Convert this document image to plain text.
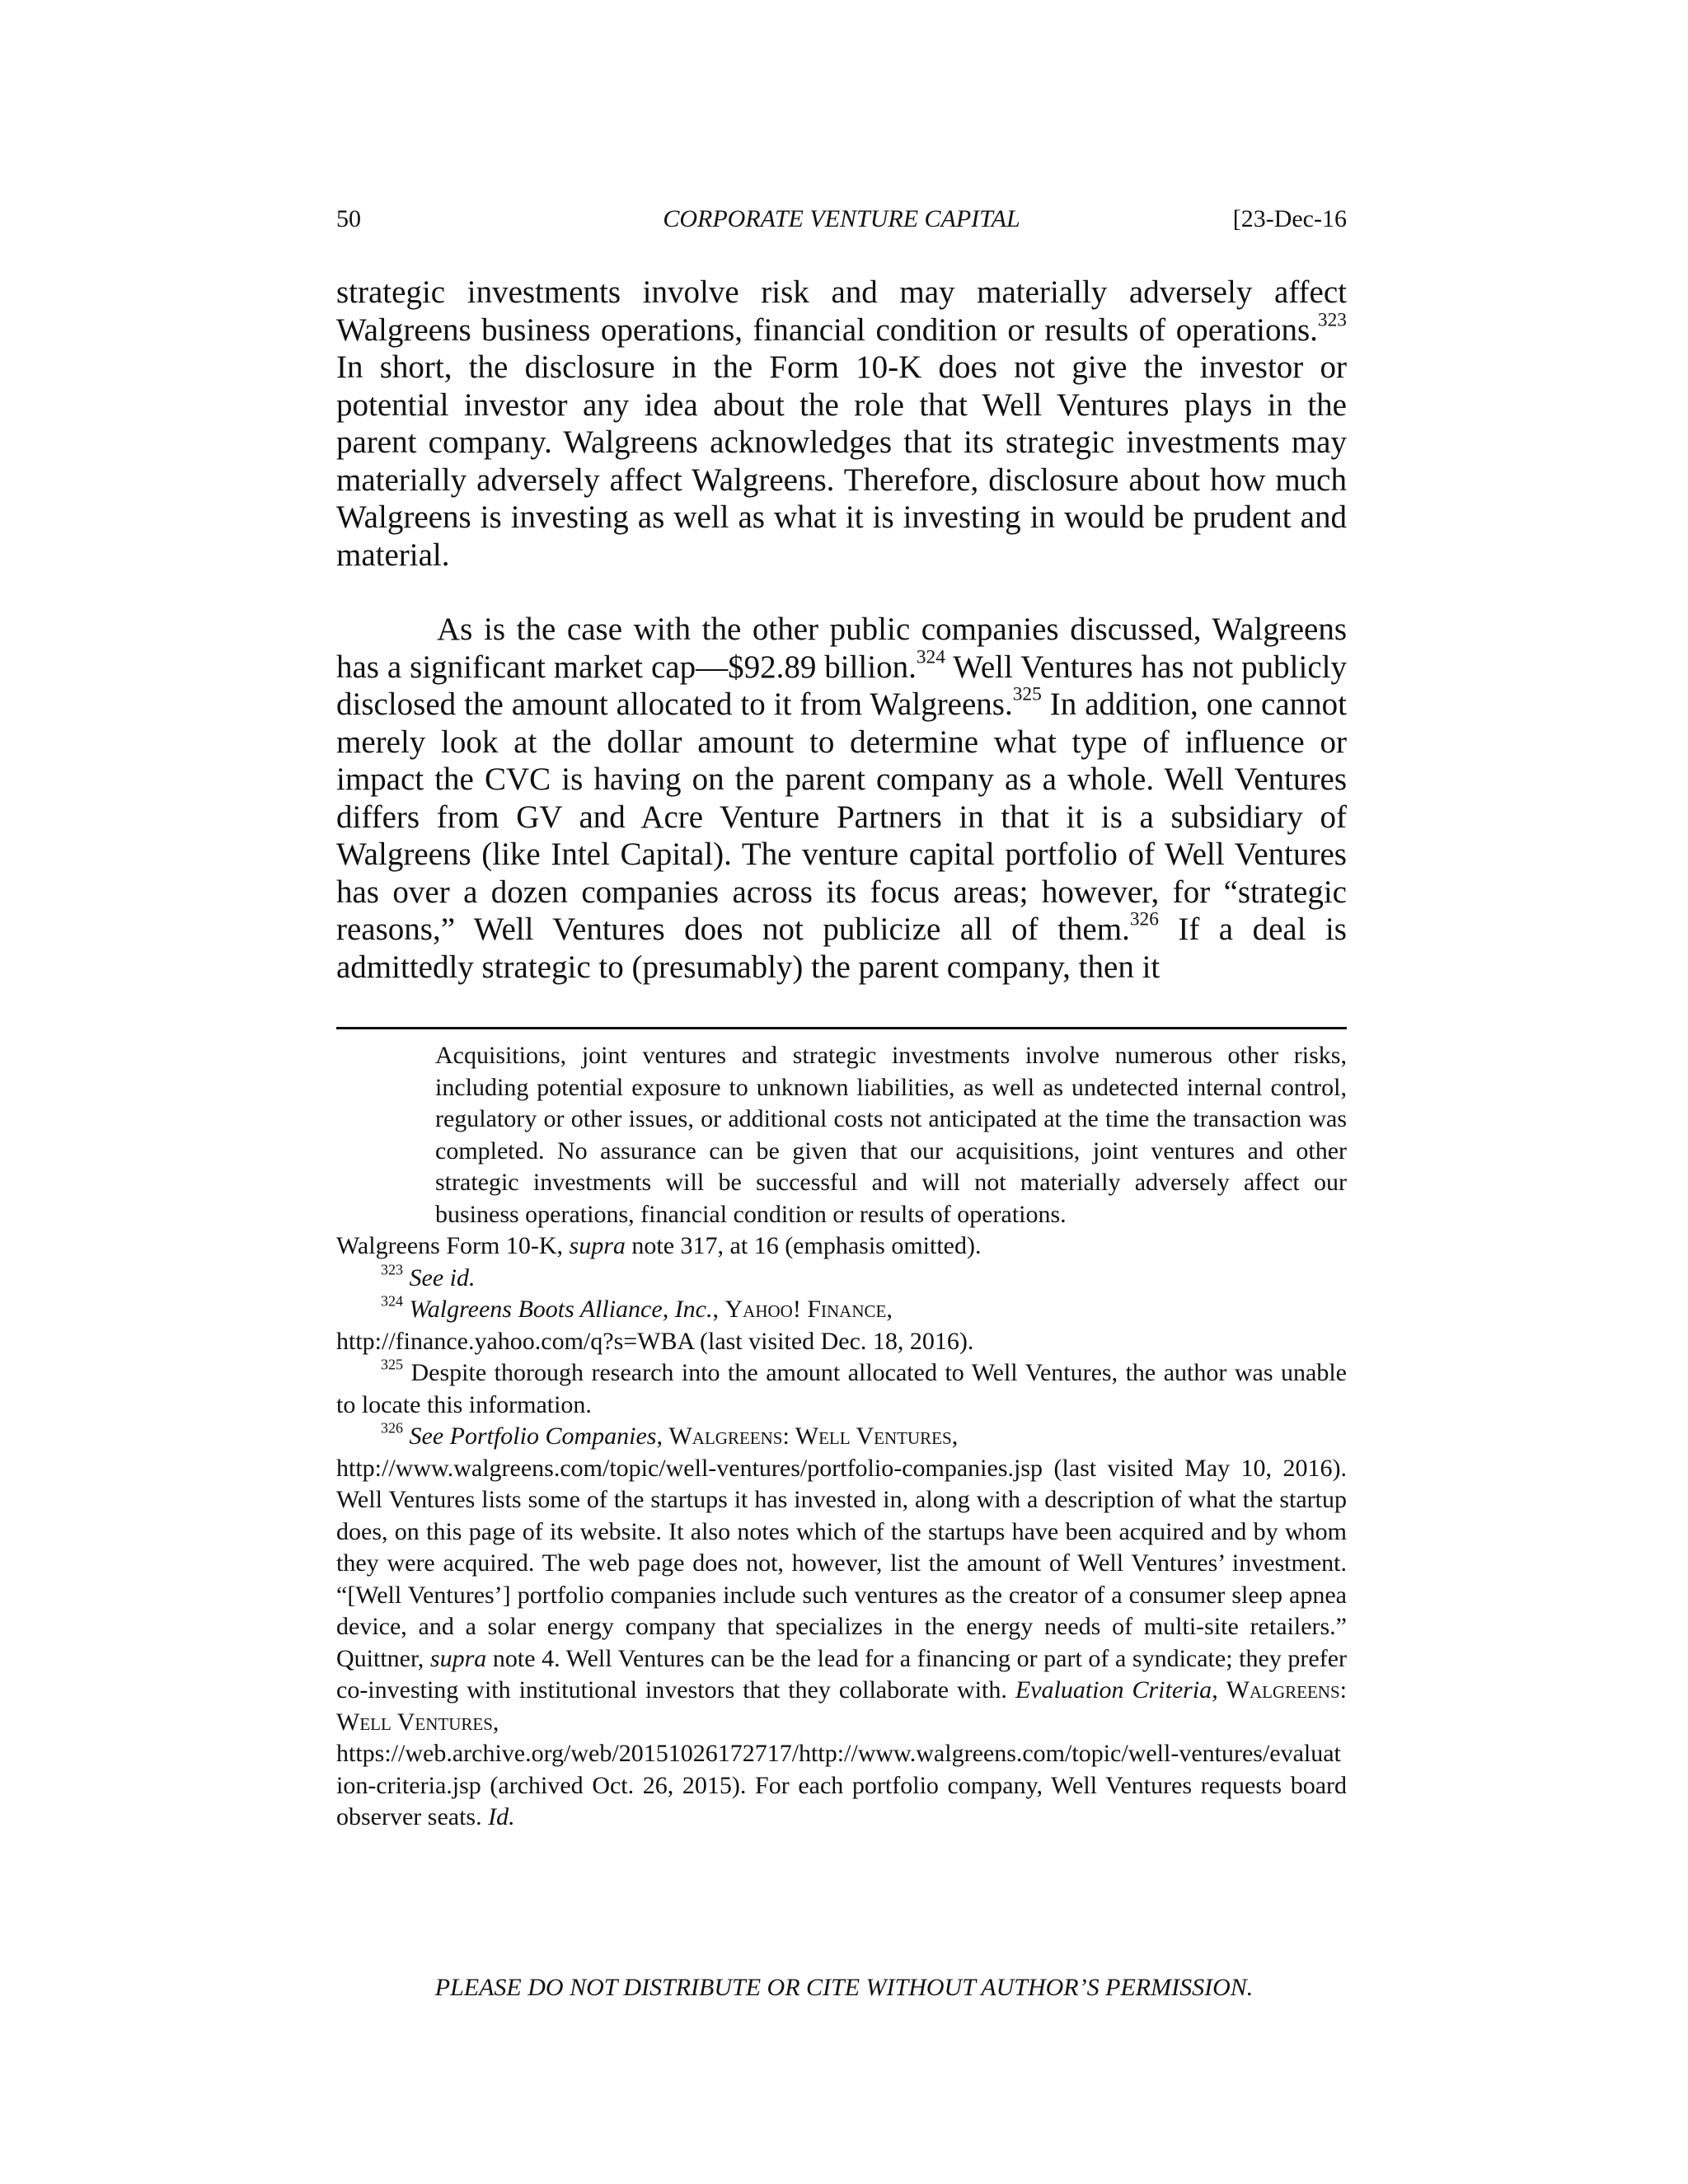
50	CORPORATE VENTURE CAPITAL	[23-Dec-16

strategic investments involve risk and may materially adversely affect Walgreens business operations, financial condition or results of operations.$^{323}$ In short, the disclosure in the Form 10-K does not give the investor or potential investor any idea about the role that Well Ventures plays in the parent company. Walgreens acknowledges that its strategic investments may materially adversely affect Walgreens. Therefore, disclosure about how much Walgreens is investing as well as what it is investing in would be prudent and material.

As is the case with the other public companies discussed, Walgreens has a significant market cap—$92.89 billion.$^{324}$ Well Ventures has not publicly disclosed the amount allocated to it from Walgreens.$^{325}$ In addition, one cannot merely look at the dollar amount to determine what type of influence or impact the CVC is having on the parent company as a whole. Well Ventures differs from GV and Acre Venture Partners in that it is a subsidiary of Walgreens (like Intel Capital). The venture capital portfolio of Well Ventures has over a dozen companies across its focus areas; however, for “strategic reasons,” Well Ventures does not publicize all of them.$^{326}$ If a deal is admittedly strategic to (presumably) the parent company, then it

Acquisitions, joint ventures and strategic investments involve numerous other risks, including potential exposure to unknown liabilities, as well as undetected internal control, regulatory or other issues, or additional costs not anticipated at the time the transaction was completed. No assurance can be given that our acquisitions, joint ventures and other strategic investments will be successful and will not materially adversely affect our business operations, financial condition or results of operations.

Walgreens Form 10-K, supra note 317, at 16 (emphasis omitted).

$^{323}$ See id.

$^{324}$ Walgreens Boots Alliance, Inc., Yahoo! Finance,

http://finance.yahoo.com/q?s=WBA (last visited Dec. 18, 2016).

$^{325}$ Despite thorough research into the amount allocated to Well Ventures, the author was unable to locate this information.

$^{326}$ See Portfolio Companies, Walgreens: Well Ventures,

http://www.walgreens.com/topic/well-ventures/portfolio-companies.jsp (last visited May 10, 2016). Well Ventures lists some of the startups it has invested in, along with a description of what the startup does, on this page of its website. It also notes which of the startups have been acquired and by whom they were acquired. The web page does not, however, list the amount of Well Ventures’ investment. “[Well Ventures’] portfolio companies include such ventures as the creator of a consumer sleep apnea device, and a solar energy company that specializes in the energy needs of multi-site retailers.” Quittner, supra note 4. Well Ventures can be the lead for a financing or part of a syndicate; they prefer co-investing with institutional investors that they collaborate with. Evaluation Criteria, Walgreens: Well Ventures,

https://web.archive.org/web/20151026172717/http://www.walgreens.com/topic/well-ventures/evaluation-criteria.jsp (archived Oct. 26, 2015). For each portfolio company, Well Ventures requests board observer seats. Id.

PLEASE DO NOT DISTRIBUTE OR CITE WITHOUT AUTHOR’S PERMISSION.
